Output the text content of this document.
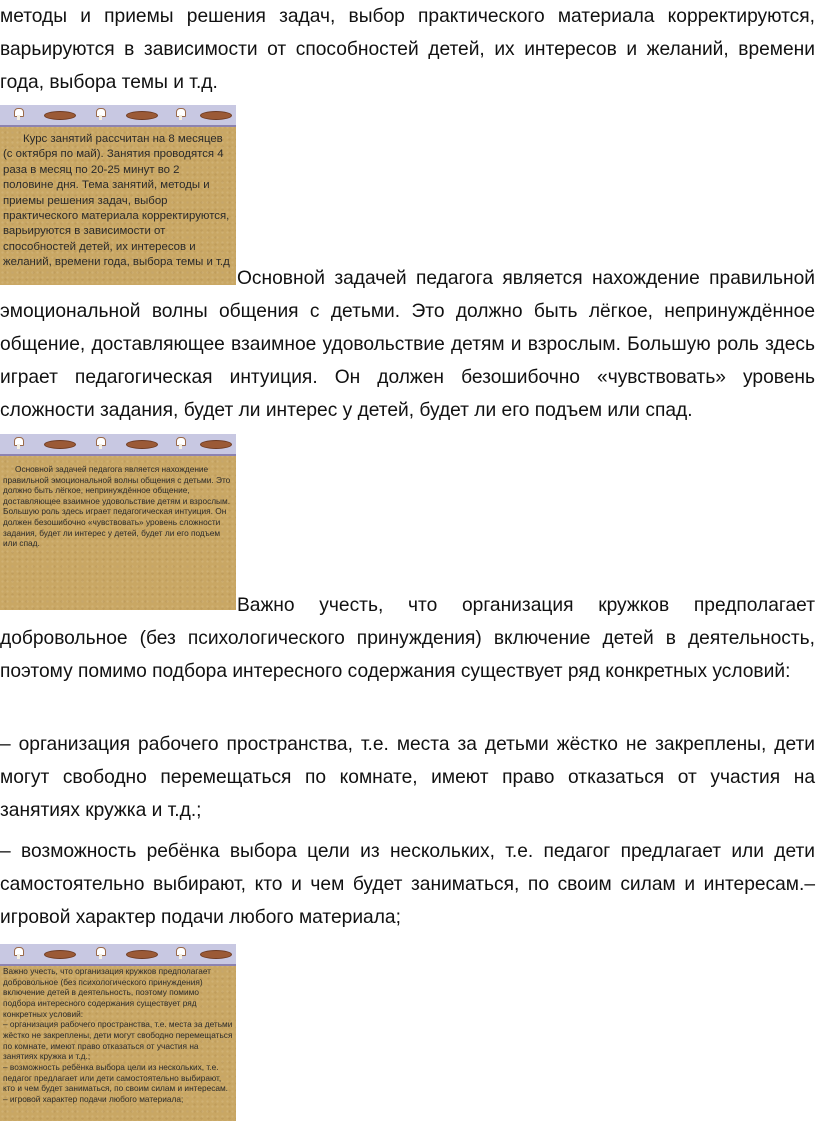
методы и приемы решения задач, выбор практического материала корректируются, варьируются в зависимости от способностей детей, их интересов и желаний, времени года, выбора темы и т.д.

Курс занятий рассчитан на 8 месяцев (с октября по май). Занятия проводятся 4 раза в месяц по 20-25 минут во 2 половине дня. Тема занятий, методы и приемы решения задач, выбор практического материала корректируются, варьируются в зависимости от способностей детей, их интересов и желаний, времени года, выбора темы и т.д

Основной задачей педагога является нахождение правильной эмоциональной волны общения с детьми. Это должно быть лёгкое, непринуждённое общение, доставляющее взаимное удовольствие детям и взрослым. Большую роль здесь играет педагогическая интуиция. Он должен безошибочно «чувствовать» уровень сложности задания, будет ли интерес у детей, будет ли его подъем или спад.

Основной задачей педагога является нахождение правильной эмоциональной волны общения с детьми. Это должно быть лёгкое, непринуждённое общение, доставляющее взаимное удовольствие детям и взрослым. Большую роль здесь играет педагогическая интуиция. Он должен безошибочно «чувствовать» уровень сложности задания, будет ли интерес у детей, будет ли его подъем или спад.

Важно учесть, что организация кружков предполагает добровольное (без психологического принуждения) включение детей в деятельность, поэтому помимо подбора интересного содержания существует ряд конкретных условий:

– организация рабочего пространства, т.е. места за детьми жёстко не закреплены, дети могут свободно перемещаться по комнате, имеют право отказаться от участия на занятиях кружка и т.д.;

– возможность ребёнка выбора цели из нескольких, т.е. педагог предлагает или дети самостоятельно выбирают, кто и чем будет заниматься, по своим силам и интересам.– игровой характер подачи любого материала;

Важно учесть, что организация кружков предполагает добровольное (без психологического принуждения) включение детей в деятельность, поэтому помимо подбора интересного содержания существует ряд конкретных условий:
– организация рабочего пространства, т.е. места за детьми жёстко не закреплены, дети могут свободно перемещаться по комнате, имеют право отказаться от участия на занятиях кружка и т.д.;
– возможность ребёнка выбора цели из нескольких, т.е. педагог предлагает или дети самостоятельно выбирают, кто и чем будет заниматься, по своим силам и интересам.
– игровой характер подачи любого материала;
